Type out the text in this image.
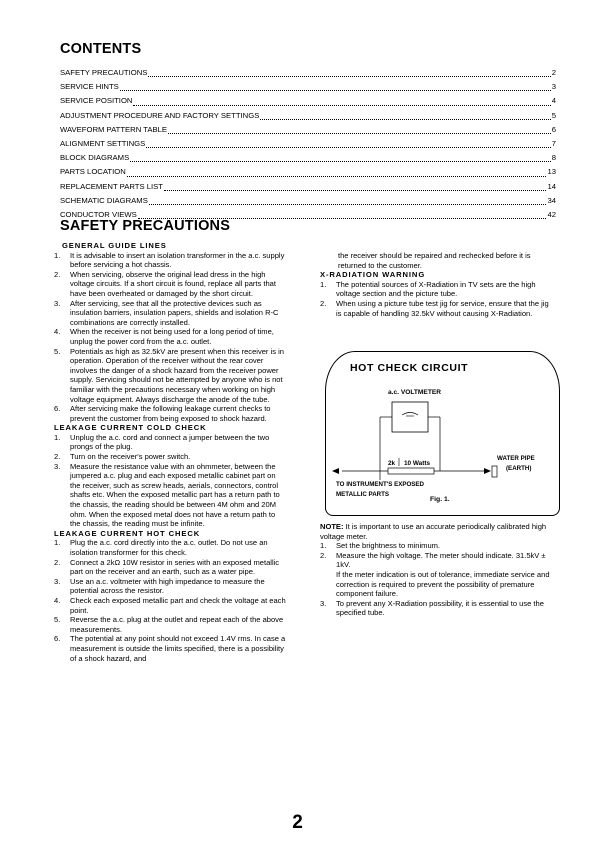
CONTENTS
SAFETY PRECAUTIONS	2
SERVICE HINTS	3
SERVICE POSITION	4
ADJUSTMENT PROCEDURE AND FACTORY SETTINGS	5
WAVEFORM PATTERN TABLE	6
ALIGNMENT SETTINGS	7
BLOCK DIAGRAMS	8
PARTS LOCATION	13
REPLACEMENT PARTS LIST	14
SCHEMATIC DIAGRAMS	34
CONDUCTOR VIEWS	42
SAFETY PRECAUTIONS
GENERAL GUIDE LINES
1.	It is advisable to insert an isolation transformer in the a.c. supply before servicing a hot chassis.
2.	When servicing, observe the original lead dress in the high voltage circuits. If a short circuit is found, replace all parts that have been overheated or damaged by the short circuit.
3.	After servicing, see that all the protective devices such as insulation barriers, insulation papers, shields and isolation R-C combinations are correctly installed.
4.	When the receiver is not being used for a long period of time, unplug the power cord from the a.c. outlet.
5.	Potentials as high as 32.5kV are present when this receiver is in operation. Operation of the receiver without the rear cover involves the danger of a shock hazard from the receiver power supply. Servicing should not be attempted by anyone who is not familiar with the precautions necessary when working on high voltage equipment. Always discharge the anode of the tube.
6.	After servicing make the following leakage current checks to prevent the customer from being exposed to shock hazard.
LEAKAGE CURRENT COLD CHECK
1.	Unplug the a.c. cord and connect a jumper between the two prongs of the plug.
2.	Turn on the receiver's power switch.
3.	Measure the resistance value with an ohmmeter, between the jumpered a.c. plug and each exposed metallic cabinet part on the receiver, such as screw heads, aerials, connectors, control shafts etc. When the exposed metallic part has a return path to the chassis, the reading should be between 4M ohm and 20M ohm. When the exposed metal does not have a return path to the chassis, the reading must be infinite.
LEAKAGE CURRENT HOT CHECK
1.	Plug the a.c. cord directly into the a.c. outlet. Do not use an isolation transformer for this check.
2.	Connect a 2kΩ 10W resistor in series with an exposed metallic part on the receiver and an earth, such as a water pipe.
3.	Use an a.c. voltmeter with high impedance to measure the potential across the resistor.
4.	Check each exposed metallic part and check the voltage at each point.
5.	Reverse the a.c. plug at the outlet and repeat each of the above measurements.
6.	The potential at any point should not exceed 1.4V rms. In case a measurement is outside the limits specified, there is a possibility of a shock hazard, and
the receiver should be repaired and rechecked before it is returned to the customer.
X-RADIATION WARNING
1.	The potential sources of X-Radiation in TV sets are the high voltage section and the picture tube.
2.	When using a picture tube test jig for service, ensure that the jig is capable of handling 32.5kV without causing X-Radiation.
HOT CHECK CIRCUIT
a.c. VOLTMETER
2k 10 Watts
WATER PIPE
(EARTH)
TO INSTRUMENT'S EXPOSED
METALLIC PARTS
Fig. 1.
NOTE: It is important to use an accurate periodically calibrated high voltage meter.
1.	Set the brightness to minimum.
2.	Measure the high voltage. The meter should indicate. 31.5kV ± 1kV.
If the meter indication is out of tolerance, immediate service and correction is required to prevent the possibility of premature component failure.
3.	To prevent any X-Radiation possibility, it is essential to use the specified tube.
2
